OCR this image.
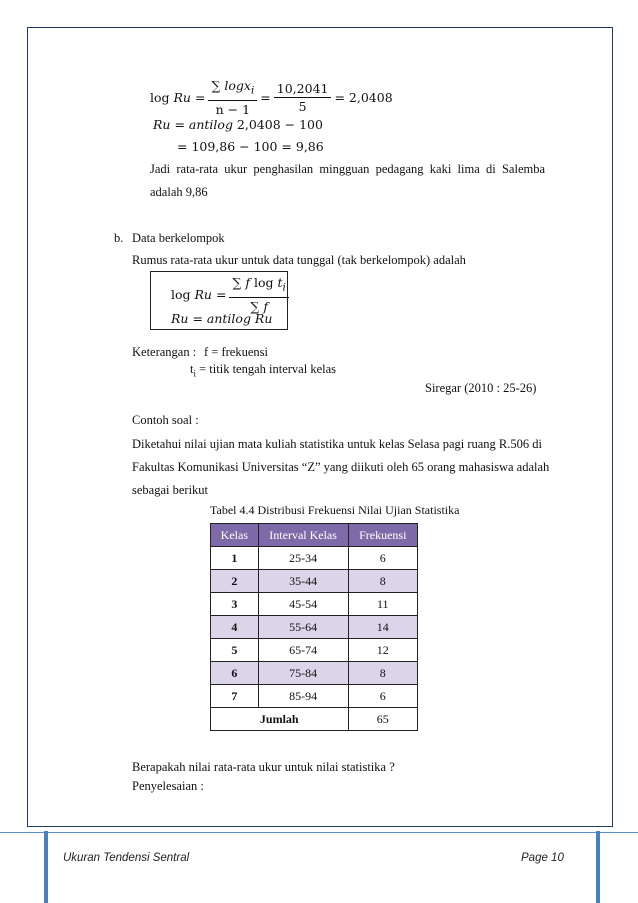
log
Ru
= $\frac{\sum \log x_i}{n - 1} = \frac{10,2041}{5} = 2,0408$
Ru = antilog 2,0408 − 100
= 109,86 − 100 = 9,86
Jadi  rata-rata  ukur  penghasilan  mingguan  pedagang  kaki  lima  di  Salemba
adalah 9,86
b. Data berkelompok
Rumus rata-rata ukur untuk data tunggal (tak berkelompok) adalah
log
Ru
= $\frac{\sum f \log t_i}{\sum f}$
Ru = antilog Ru
Keterangan : f = frekuensi
$t_i$ = titik tengah interval kelas
Siregar (2010 : 25-26)
Contoh soal :
Diketahui nilai ujian mata kuliah statistika untuk kelas Selasa pagi ruang R.506 di
Fakultas Komunikasi Universitas “Z” yang diikuti oleh 65 orang mahasiswa adalah
sebagai berikut
Tabel 4.4 Distribusi Frekuensi Nilai Ujian Statistika
Kelas	Interval Kelas	Frekuensi
1	25-34	6
2	35-44	8
3	45-54	11
4	55-64	14
5	65-74	12
6	75-84	8
7	85-94	6
Jumlah		65
Berapakah nilai rata-rata ukur untuk nilai statistika ?
Penyelesaian :
Ukuran Tendensi Sentral	Page 10
